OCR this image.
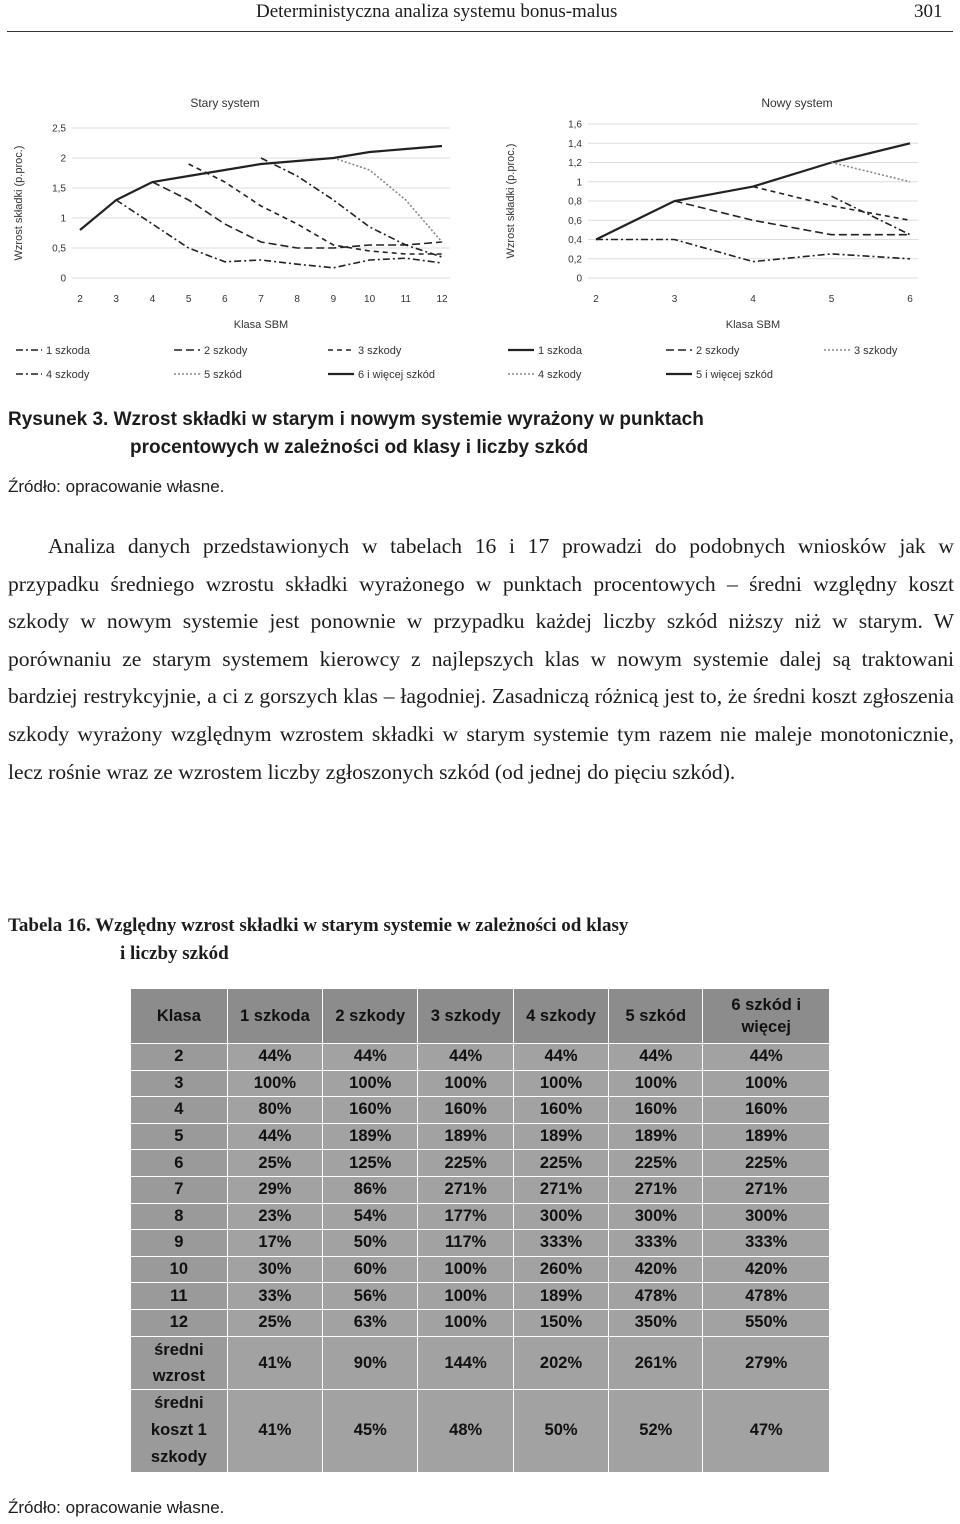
Deterministyczna analiza systemu bonus-malus	301
Stary system
Wzrost składki (p.proc.)
0
0,5
1
1,5
2
2,5
2	3	4	5	6	7	8	9	10	11	12
Klasa SBM
1 szkoda	2 szkody	3 szkody
4 szkody	5 szkód	6 i więcej szkód
Nowy system
Wzrost składki (p.proc.)
0
0,2
0,4
0,6
0,8
1
1,2
1,4
1,6
2	3	4	5	6
Klasa SBM
1 szkoda	2 szkody	3 szkody
4 szkody	5 i więcej szkód
Rysunek 3. Wzrost składki w starym i nowym systemie wyrażony w punktach
procentowych w zależności od klasy i liczby szkód
Źródło: opracowanie własne.

Analiza danych przedstawionych w tabelach 16 i 17 prowadzi do podobnych wniosków jak w przypadku średniego wzrostu składki wyrażonego w punktach procentowych – średni względny koszt szkody w nowym systemie jest ponownie w przypadku każdej liczby szkód niższy niż w starym. W porównaniu ze starym systemem kierowcy z najlepszych klas w nowym systemie dalej są traktowani bardziej restrykcyjnie, a ci z gorszych klas – łagodniej. Zasadniczą różnicą jest to, że średni koszt zgłoszenia szkody wyrażony względnym wzrostem składki w starym systemie tym razem nie maleje monotonicznie, lecz rośnie wraz ze wzrostem liczby zgłoszonych szkód (od jednej do pięciu szkód).

Tabela 16. Względny wzrost składki w starym systemie w zależności od klasy
i liczby szkód
Klasa	1 szkoda	2 szkody	3 szkody	4 szkody	5 szkód	6 szkód i więcej
2	44%	44%	44%	44%	44%	44%
3	100%	100%	100%	100%	100%	100%
4	80%	160%	160%	160%	160%	160%
5	44%	189%	189%	189%	189%	189%
6	25%	125%	225%	225%	225%	225%
7	29%	86%	271%	271%	271%	271%
8	23%	54%	177%	300%	300%	300%
9	17%	50%	117%	333%	333%	333%
10	30%	60%	100%	260%	420%	420%
11	33%	56%	100%	189%	478%	478%
12	25%	63%	100%	150%	350%	550%
średni wzrost	41%	90%	144%	202%	261%	279%
średni koszt 1 szkody	41%	45%	48%	50%	52%	47%
Źródło: opracowanie własne.
